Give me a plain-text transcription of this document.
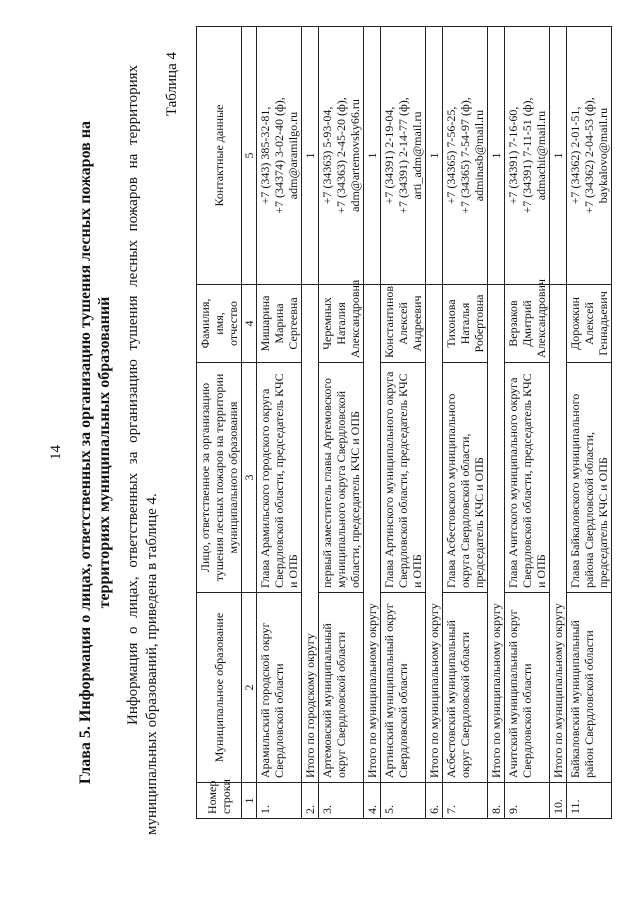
14 Глава 5. Информация о лицах, ответственных за организацию тушения лесных пожаров на территориях муниципальных образований Информация о лицах, ответственных за организацию тушения лесных пожаров на территориях муниципальных образований, приведена в таблице 4.
Таблица 4
Номер строки	Муниципальное образование	Лицо, ответственное за организацию тушения лесных пожаров на территории муниципального образования	Фамилия, имя, отчество	Контактные данные
1	2	3	4	5
1.	Арамильский городской округ Свердловской области	Глава Арамильского городского округа Свердловской области, председатель КЧС и ОПБ	Мишарина Марина Сергеевна	+7 (343) 385-32-81, +7 (34374) 3-02-40 (ф), adm@aramilgo.ru

2.	Итого по городскому округу			1
3.	Артемовский муниципальный округ Свердловской области	первый заместитель главы Артемовского муниципального округа Свердловской области, председатель КЧС и ОПБ	Черемных Наталия Александровна	+7 (34363) 5-93-04, +7 (34363) 2-45-20 (ф), adm@artemovsky66.ru

4.	Итого по муниципальному округу			1
5.	Артинский муниципальный округ Свердловской области	Глава Артинского муниципального округа Свердловской области, председатель КЧС и ОПБ	Константинов Алексей Андреевич	+7 (34391) 2-19-04, +7 (34391) 2-14-77 (ф), arti_adm@mail.ru

6.	Итого по муниципальному округу			1
7.	Асбестовский муниципальный округ Свердловской области	Глава Асбестовского муниципального округа Свердловской области, председатель КЧС и ОПБ	Тихонова Наталья Робертовна	+7 (34365) 7-56-25, +7 (34365) 7-54-97 (ф), adminasb@mail.ru

8.	Итого по муниципальному округу			1
9.	Ачитский муниципальный округ Свердловской области	Глава Ачитского муниципального округа Свердловской области, председатель КЧС и ОПБ	Верзаков Дмитрий Александрович	+7 (34391) 7-16-60, +7 (34391) 7-11-51 (ф), admachit@mail.ru

10.	Итого по муниципальному округу			1
11.	Байкаловский муниципальный район Свердловской области	Глава Байкаловского муниципального района Свердловской области, председатель КЧС и ОПБ	Дорожкин Алексей Геннадьевич	+7 (34362) 2-01-51, +7 (34362) 2-04-53 (ф), baykalovo@mail.ru
